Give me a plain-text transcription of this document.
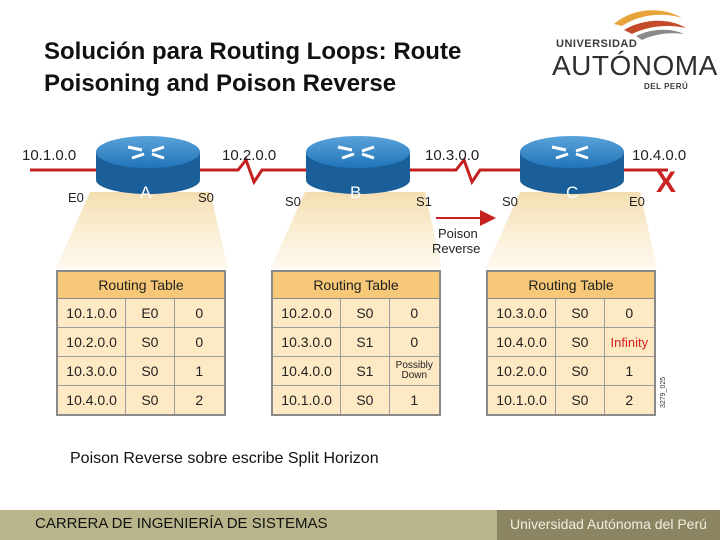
Solución para Routing Loops: Route
Poisoning and Poison Reverse
UNIVERSIDAD
AUTÓNOMA
DEL PERÚ
A	B	C
10.1.0.0	10.2.0.0	10.3.0.0	10.4.0.0
E0	S0	S0	S1	S0	E0
X
Poison
Reverse
3279_025
Routing Table
10.1.0.0	E0	0
10.2.0.0	S0	0
10.3.0.0	S0	1
10.4.0.0	S0	2
Routing Table
10.2.0.0	S0	0
10.3.0.0	S1	0
10.4.0.0	S1	Possibly Down
10.1.0.0	S0	1
Routing Table
10.3.0.0	S0	0
10.4.0.0	S0	Infinity
10.2.0.0	S0	1
10.1.0.0	S0	2
Poison Reverse sobre escribe Split Horizon
CARRERA DE INGENIERÍA DE SISTEMAS	Universidad Autónoma del Perú
